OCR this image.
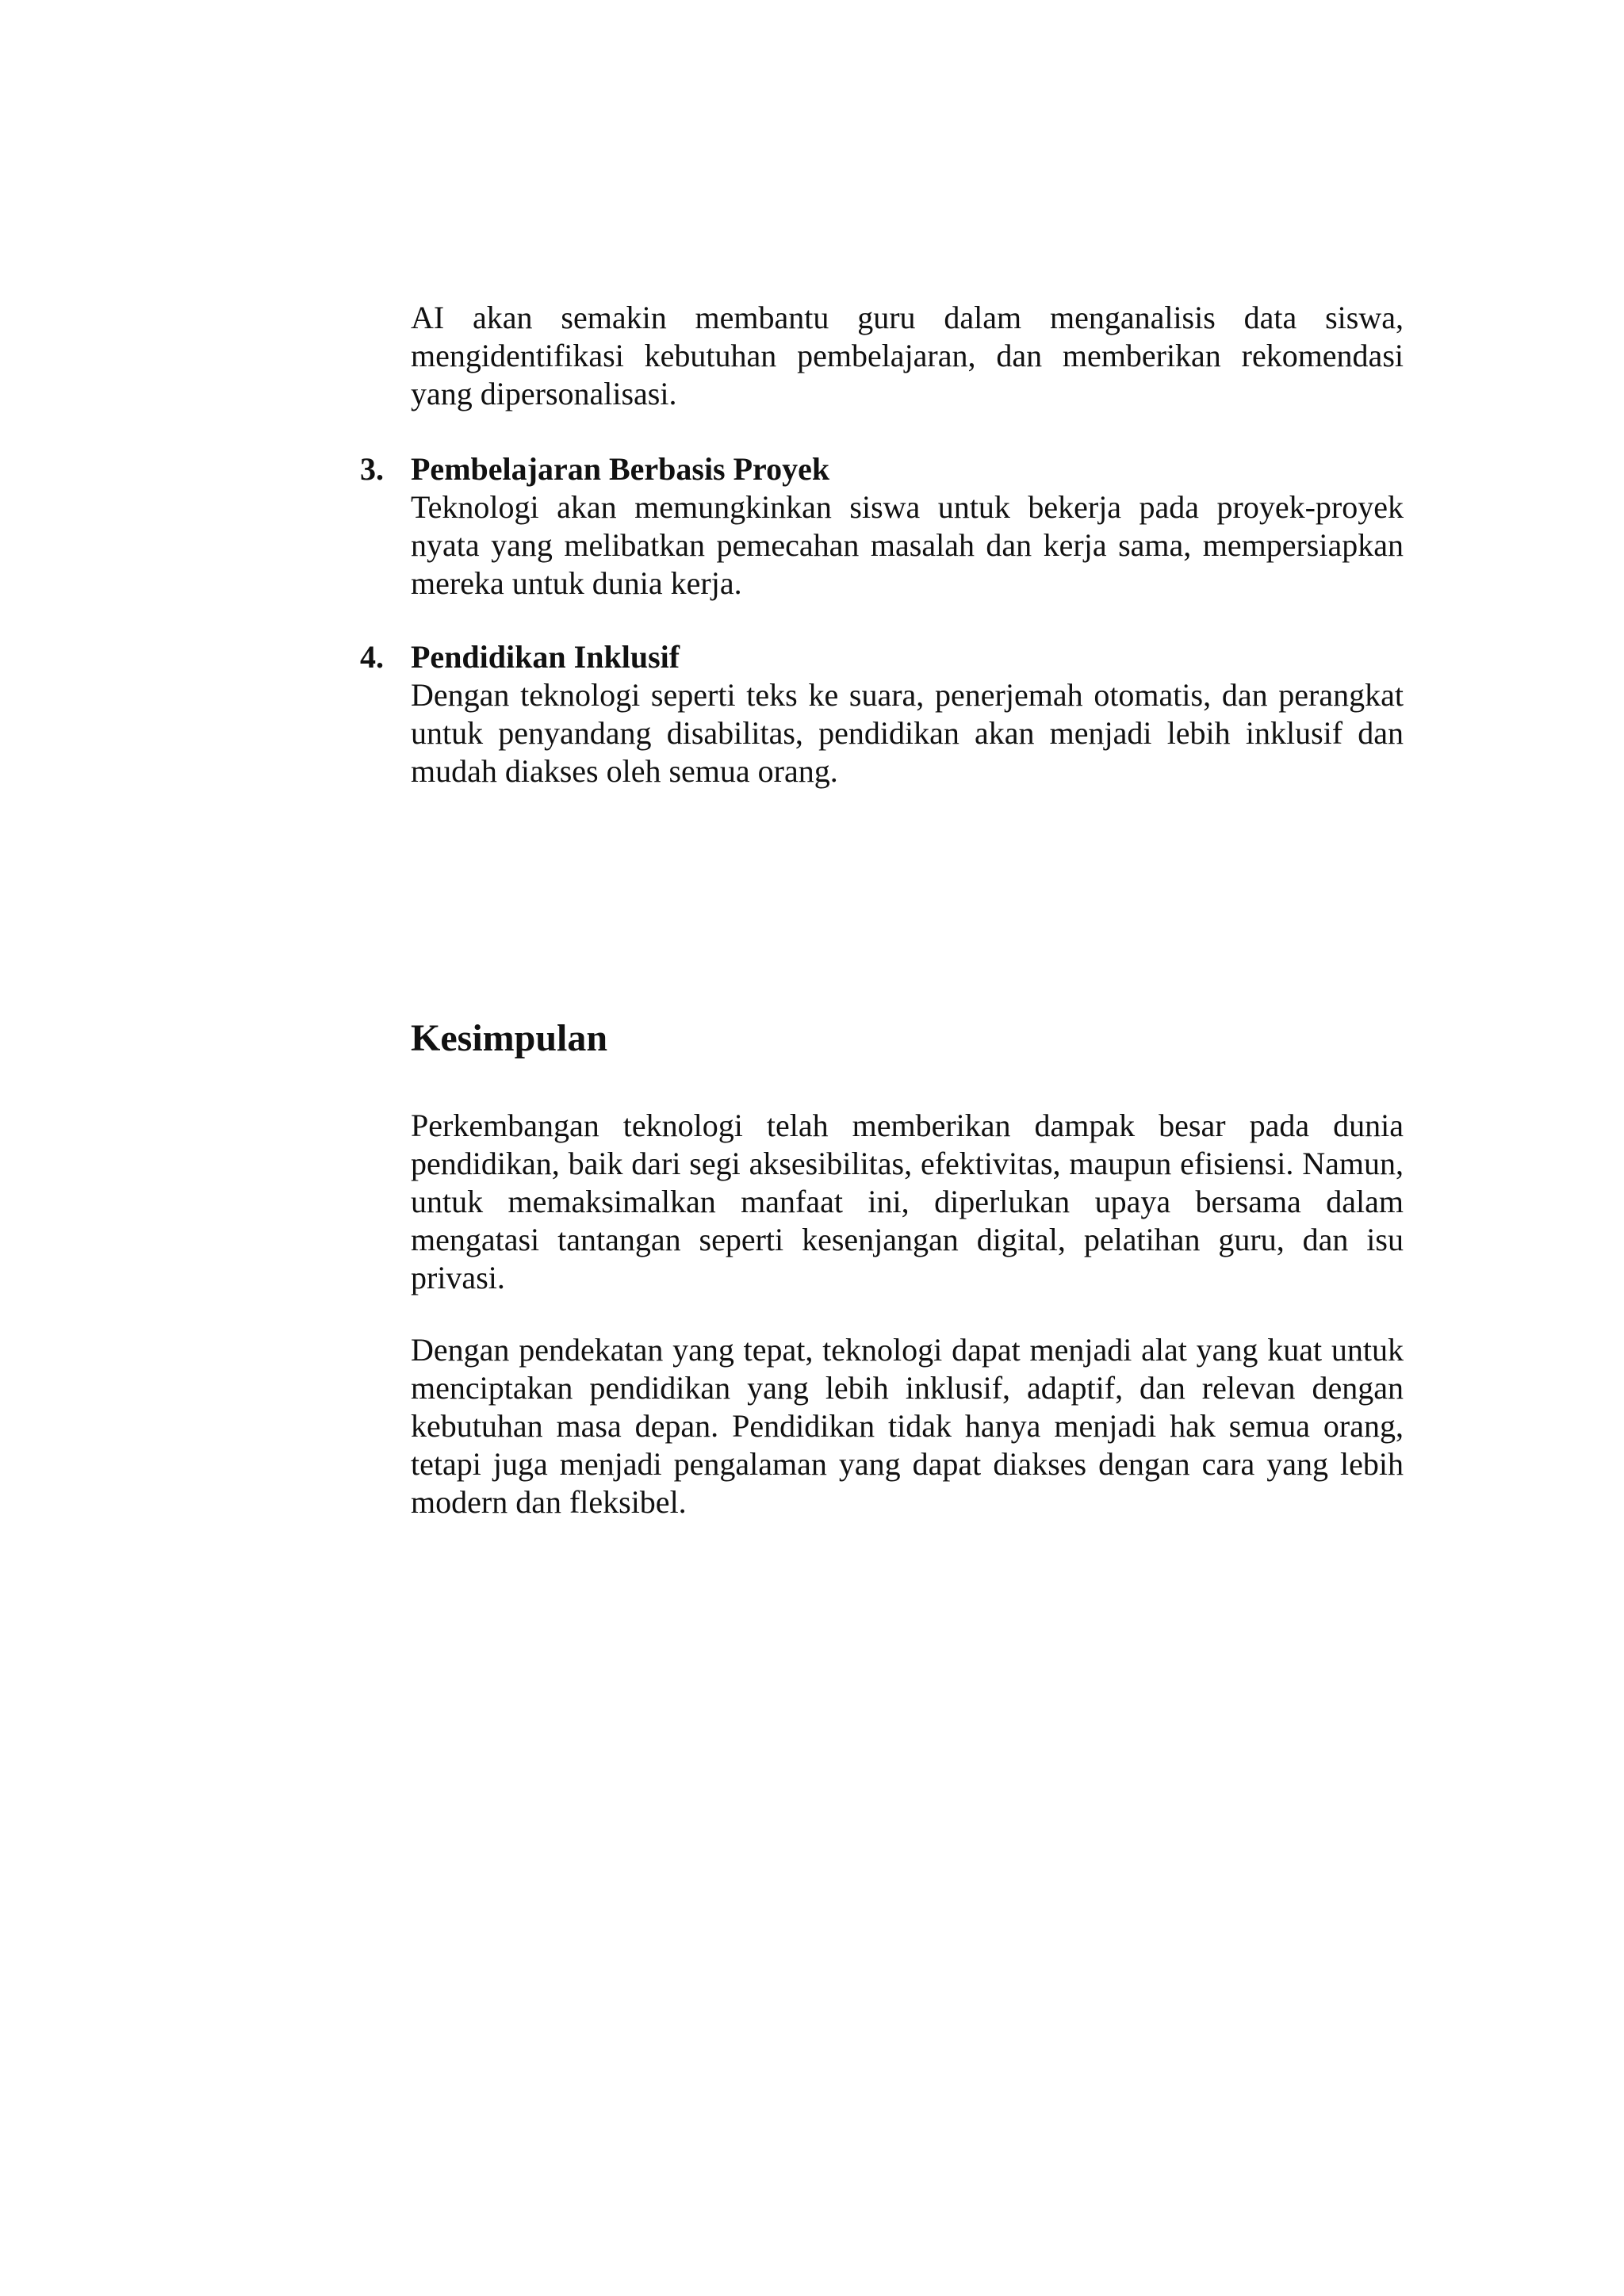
AI akan semakin membantu guru dalam menganalisis data siswa, mengidentifikasi kebutuhan pembelajaran, dan memberikan rekomendasi yang dipersonalisasi.

3. Pembelajaran Berbasis Proyek

Teknologi akan memungkinkan siswa untuk bekerja pada proyek-proyek nyata yang melibatkan pemecahan masalah dan kerja sama, mempersiapkan mereka untuk dunia kerja.

4. Pendidikan Inklusif

Dengan teknologi seperti teks ke suara, penerjemah otomatis, dan perangkat untuk penyandang disabilitas, pendidikan akan menjadi lebih inklusif dan mudah diakses oleh semua orang.

Kesimpulan

Perkembangan teknologi telah memberikan dampak besar pada dunia pendidikan, baik dari segi aksesibilitas, efektivitas, maupun efisiensi. Namun, untuk memaksimalkan manfaat ini, diperlukan upaya bersama dalam mengatasi tantangan seperti kesenjangan digital, pelatihan guru, dan isu privasi.

Dengan pendekatan yang tepat, teknologi dapat menjadi alat yang kuat untuk menciptakan pendidikan yang lebih inklusif, adaptif, dan relevan dengan kebutuhan masa depan. Pendidikan tidak hanya menjadi hak semua orang, tetapi juga menjadi pengalaman yang dapat diakses dengan cara yang lebih modern dan fleksibel.
